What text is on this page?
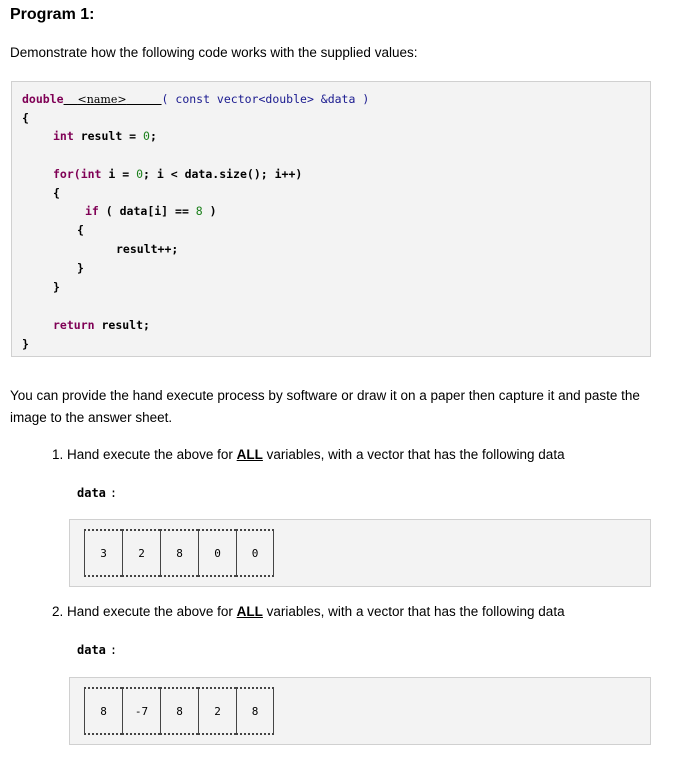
Program 1:
Demonstrate how the following code works with the supplied values:
double <name>	( const vector<double> &data )
{
int result = 0;
for(int i = 0; i < data.size(); i++)
{
if ( data[i] == 8 )
{
result++;
}
}
return result;
}
You can provide the hand execute process by software or draw it on a paper then capture it and paste the image to the answer sheet.
1. Hand execute the above for ALL variables, with a vector that has the following data
data :
3	2	8	0	0
2. Hand execute the above for ALL variables, with a vector that has the following data
data :
8	-7	8	2	8
